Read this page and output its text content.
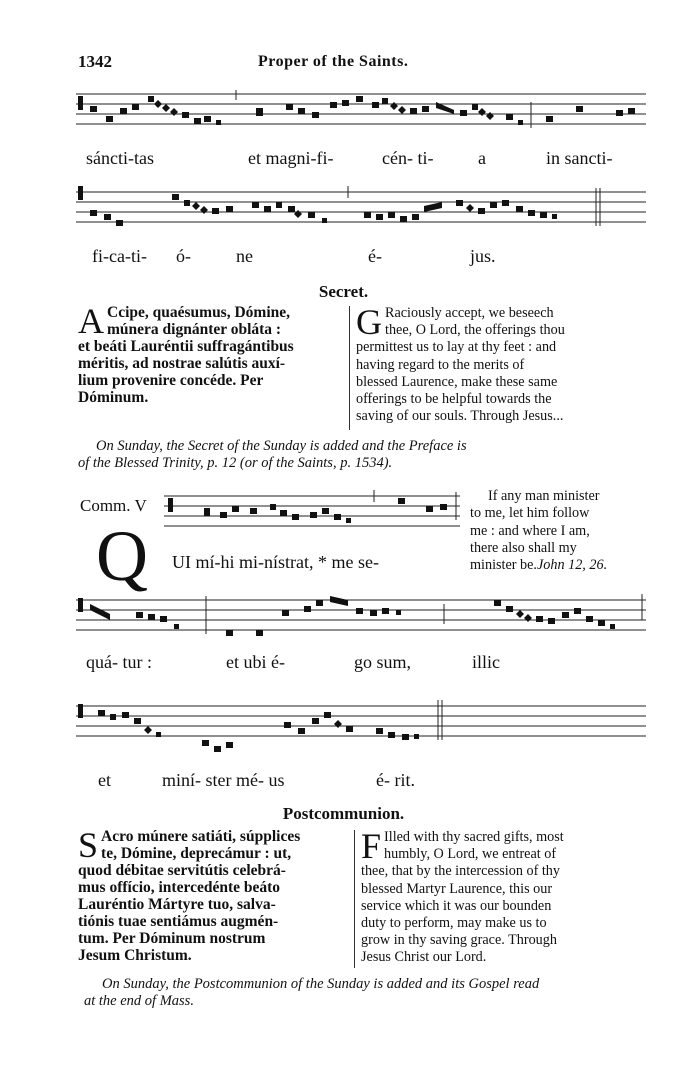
1342	Proper of the Saints.
sáncti-tas	et magni-fi-	cén- ti- a	in sancti-
fi-ca-ti- ó-	ne	é-	jus.
Secret.
A Ccipe, quaésumus, Dómine,
múnera dignánter obláta :
et beáti Lauréntii suffragántibus
méritis, ad nostrae salútis auxí-
lium provenire concéde. Per
Dóminum.
G Raciously accept, we beseech
thee, O Lord, the offerings thou
permittest us to lay at thy feet : and
having regard to the merits of
blessed Laurence, make these same
offerings to be helpful towards the
saving of our souls. Through Jesus...
On Sunday, the Secret of the Sunday is added and the Preface is
of the Blessed Trinity, p. 12 (or of the Saints, p. 1534).
Comm. V
Q UI mí-hi mi-nístrat, * me se-
If any man minister
to me, let him follow
me : and where I am,
there also shall my
minister be.John 12, 26.
quá- tur :	et ubi é-	go sum,	illic
et	miní- ster mé- us	é- rit.
Postcommunion.
S Acro múnere satiáti, súpplices
te, Dómine, deprecámur : ut,
quod débitae servitútis celebrá-
mus offício, intercedénte beáto
Lauréntio Mártyre tuo, salva-
tiónis tuae sentiámus augmén-
tum. Per Dóminum nostrum
Jesum Christum.
F Illed with thy sacred gifts, most
humbly, O Lord, we entreat of
thee, that by the intercession of thy
blessed Martyr Laurence, this our
service which it was our bounden
duty to perform, may make us to
grow in thy saving grace. Through
Jesus Christ our Lord.
On Sunday, the Postcommunion of the Sunday is added and its Gospel read
at the end of Mass.
